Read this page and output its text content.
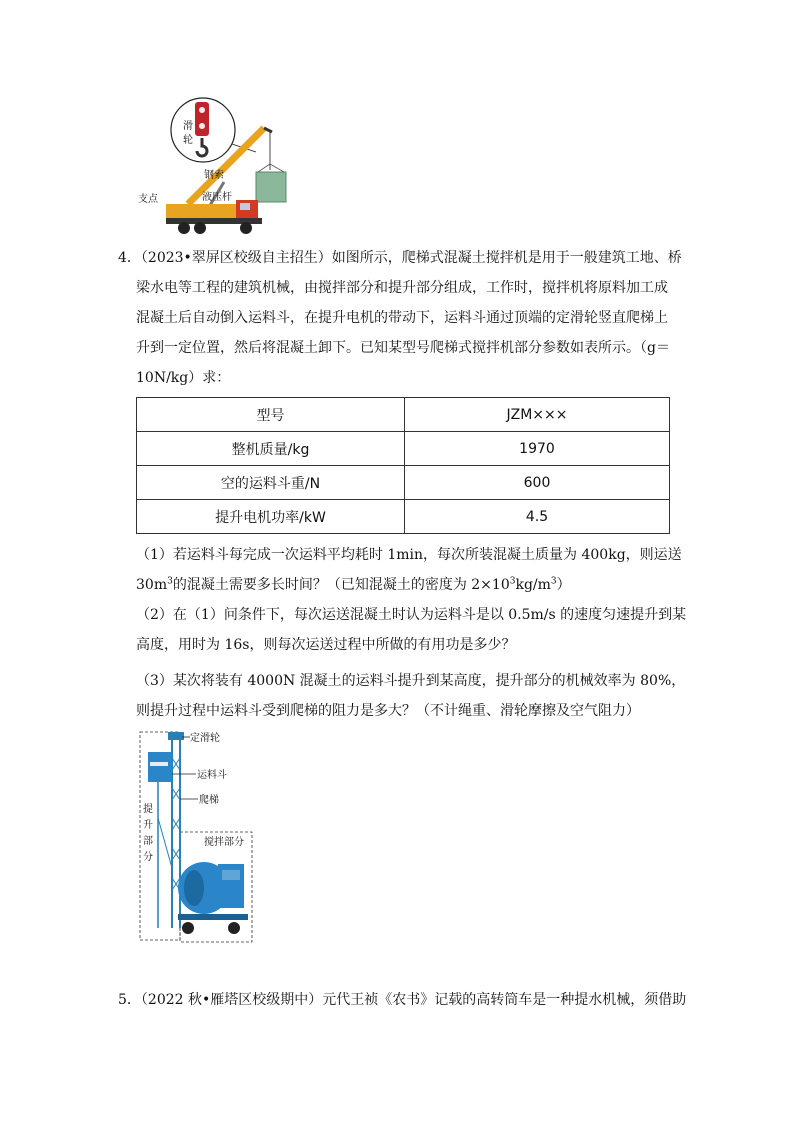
滑
轮
钢索
支点	液压杆
4．（2023•翠屏区校级自主招生）如图所示，爬梯式混凝土搅拌机是用于一般建筑工地、桥
梁水电等工程的建筑机械，由搅拌部分和提升部分组成，工作时，搅拌机将原料加工成
混凝土后自动倒入运料斗，在提升电机的带动下，运料斗通过顶端的定滑轮竖直爬梯上
升到一定位置，然后将混凝土卸下。已知某型号爬梯式搅拌机部分参数如表所示。（g＝
10N/kg）求：
型号	JZM×××
整机质量/kg	1970
空的运料斗重/N	600
提升电机功率/kW	4.5
（1）若运料斗每完成一次运料平均耗时 1min，每次所装混凝土质量为 400kg，则运送
$30m^3$的混凝土需要多长时间？（已知混凝土的密度为 $2\times 10^3kg/m^3$）
（2）在（1）问条件下，每次运送混凝土时认为运料斗是以 0.5m/s 的速度匀速提升到某
高度，用时为 16s，则每次运送过程中所做的有用功是多少？
（3）某次将装有 4000N 混凝土的运料斗提升到某高度，提升部分的机械效率为 80%，
则提升过程中运料斗受到爬梯的阻力是多大？（不计绳重、滑轮摩擦及空气阻力）
定滑轮
运料斗
爬梯
提
升
部
分
搅拌部分
5．（2022 秋•雁塔区校级期中）元代王祯《农书》记载的高转筒车是一种提水机械，须借助
